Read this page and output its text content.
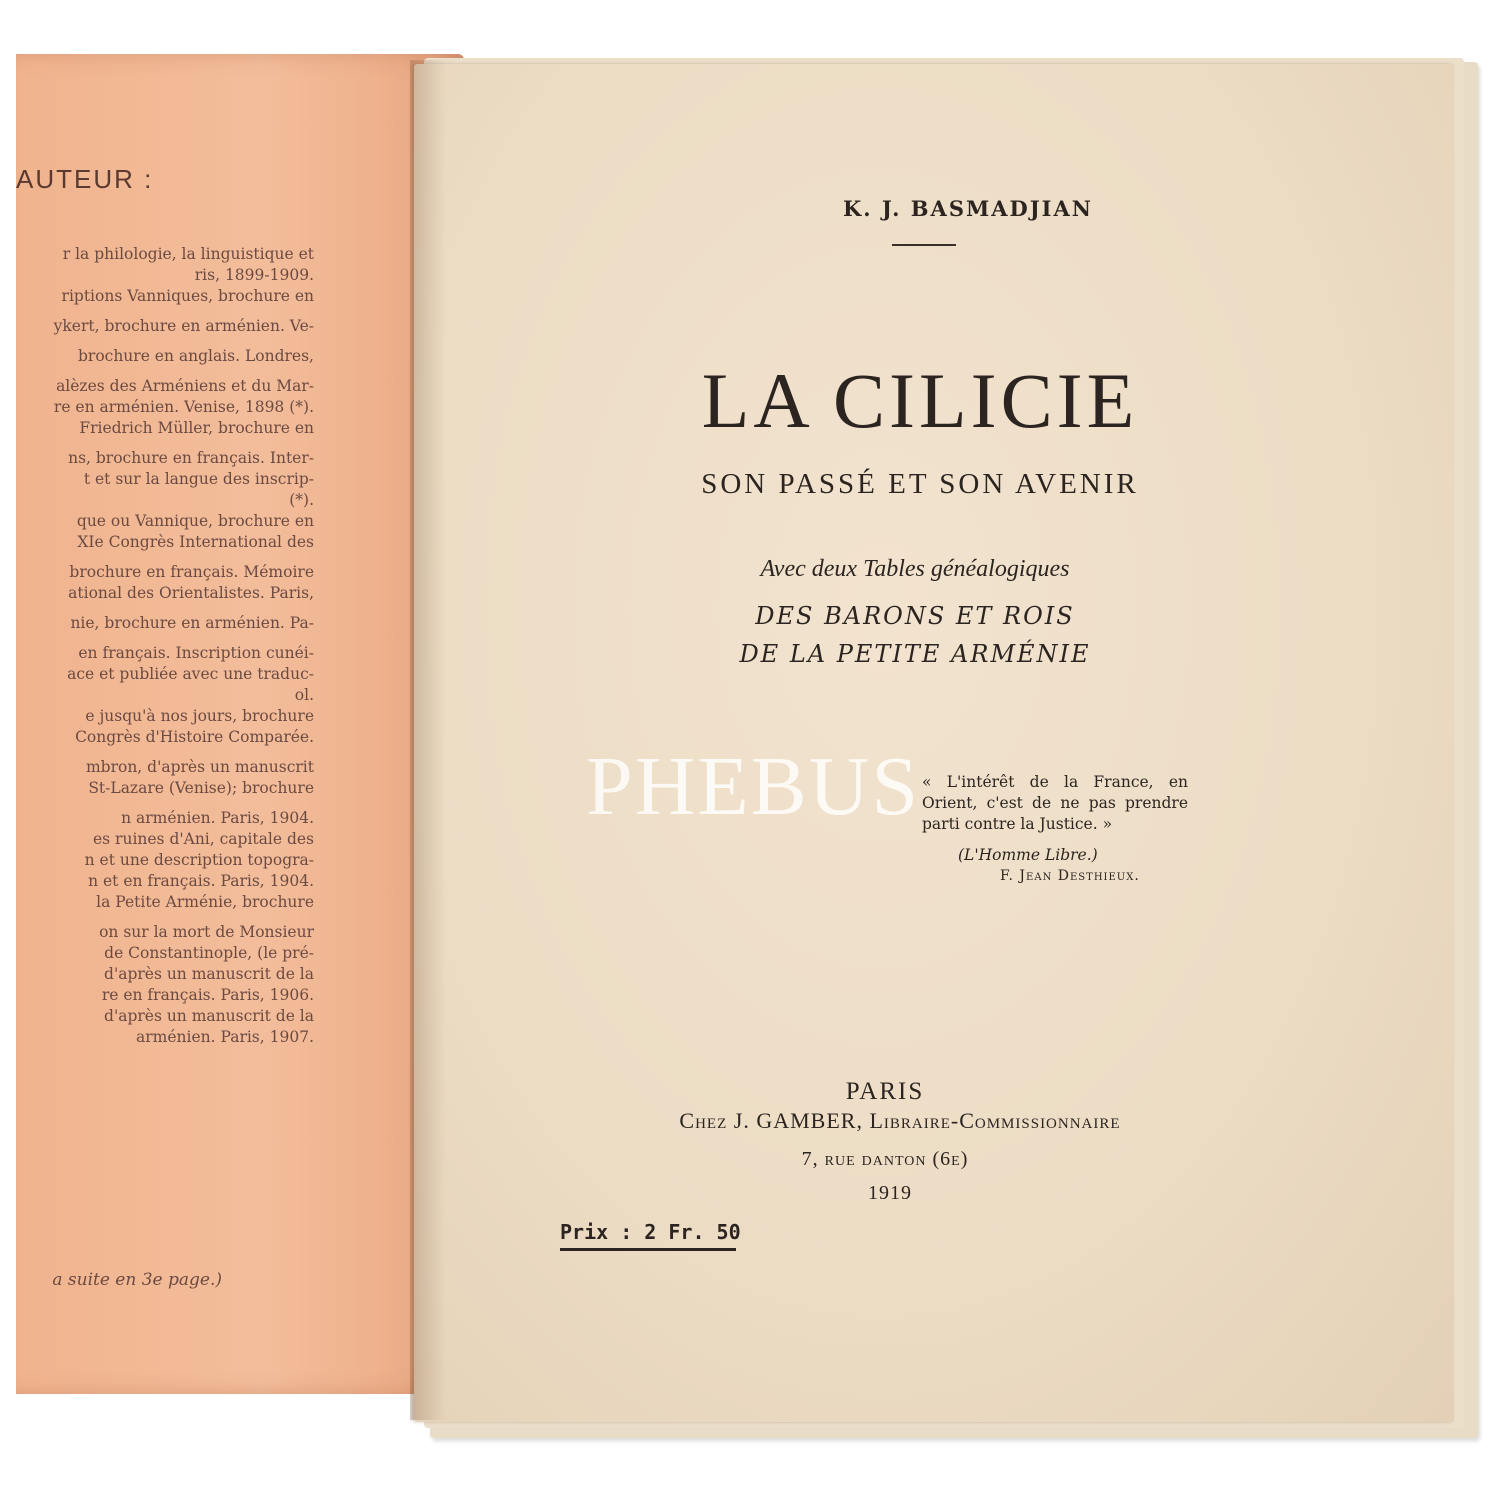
AUTEUR :
r la philologie, la linguistique et
ris, 1899-1909.
riptions Vanniques, brochure en
ykert, brochure en arménien. Ve-
brochure en anglais. Londres,
alèzes des Arméniens et du Mar-
re en arménien. Venise, 1898 (*).
Friedrich Müller, brochure en
ns, brochure en français. Inter-
t et sur la langue des inscrip-
(*).
que ou Vannique, brochure en
XIe Congrès International des
brochure en français. Mémoire
ational des Orientalistes. Paris,
nie, brochure en arménien. Pa-
en français. Inscription cunéi-
ace et publiée avec une traduc-
ol.
e jusqu'à nos jours, brochure
Congrès d'Histoire Comparée.
mbron, d'après un manuscrit
St-Lazare (Venise); brochure
n arménien. Paris, 1904.
es ruines d'Ani, capitale des
n et une description topogra-
n et en français. Paris, 1904.
la Petite Arménie, brochure
on sur la mort de Monsieur
de Constantinople, (le pré-
d'après un manuscrit de la
re en français. Paris, 1906.
d'après un manuscrit de la
arménien. Paris, 1907.
a suite en 3e page.)
K. J. BASMADJIAN
LA CILICIE
SON PASSÉ ET SON AVENIR
Avec deux Tables généalogiques
DES BARONS ET ROIS
DE LA PETITE ARMÉNIE
« L'intérêt de la France, en Orient, c'est de ne pas prendre parti contre la Justice. »
(L'Homme Libre.)
F. Jean Desthieux.
PARIS
Chez J. GAMBER, Libraire-Commissionnaire
7, rue danton (6e)
1919
Prix : 2 Fr. 50
PHEBUS
